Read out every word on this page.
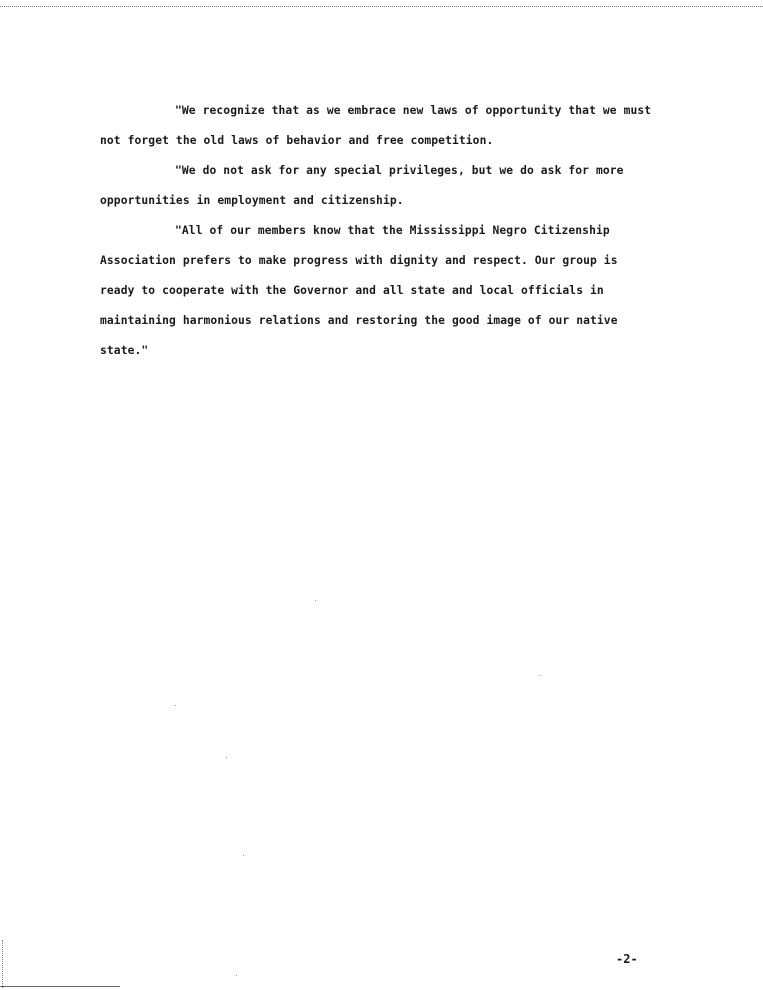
"We recognize that as we embrace new laws of opportunity that we must

not forget the old laws of behavior and free competition.

"We do not ask for any special privileges, but we do ask for more

opportunities in employment and citizenship.

"All of our members know that the Mississippi Negro Citizenship

Association prefers to make progress with dignity and respect. Our group is

ready to cooperate with the Governor and all state and local officials in

maintaining harmonious relations and restoring the good image of our native

state."

-2-
